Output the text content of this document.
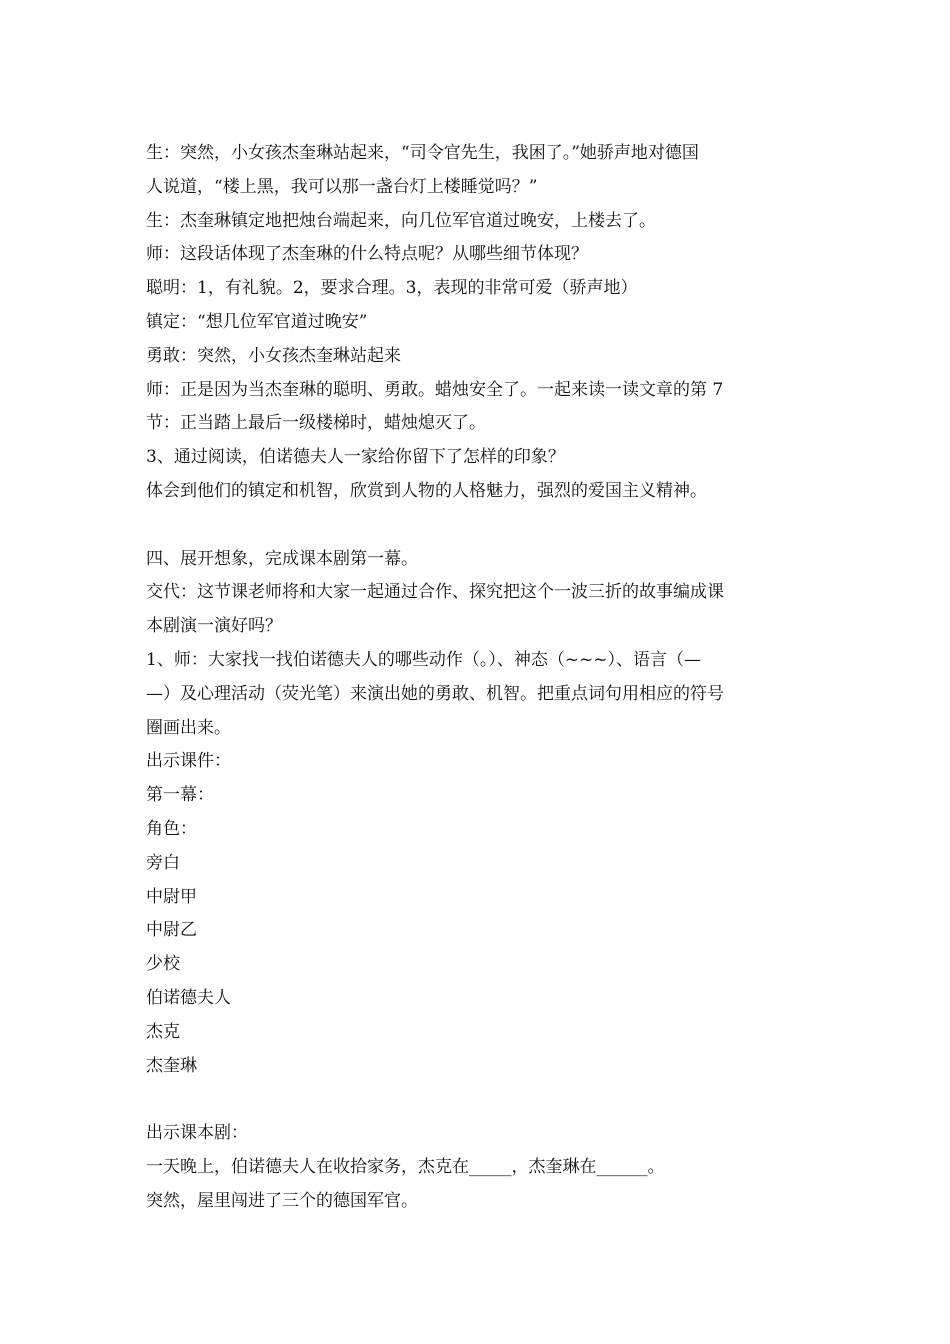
生：突然，小女孩杰奎琳站起来，“司令官先生，我困了。”她骄声地对德国
人说道，“楼上黑，我可以那一盏台灯上楼睡觉吗？”
生：杰奎琳镇定地把烛台端起来，向几位军官道过晚安，上楼去了。
师：这段话体现了杰奎琳的什么特点呢？从哪些细节体现？
聪明：1，有礼貌。2，要求合理。3，表现的非常可爱（骄声地）
镇定：“想几位军官道过晚安”
勇敢：突然，小女孩杰奎琳站起来
师：正是因为当杰奎琳的聪明、勇敢。蜡烛安全了。一起来读一读文章的第 7
节：正当踏上最后一级楼梯时，蜡烛熄灭了。
3、通过阅读，伯诺德夫人一家给你留下了怎样的印象？
体会到他们的镇定和机智，欣赏到人物的人格魅力，强烈的爱国主义精神。
四、展开想象，完成课本剧第一幕。
交代：这节课老师将和大家一起通过合作、探究把这个一波三折的故事编成课
本剧演一演好吗？
1、师：大家找一找伯诺德夫人的哪些动作（。）、神态（~~~）、语言（—
—）及心理活动（荧光笔）来演出她的勇敢、机智。把重点词句用相应的符号
圈画出来。
出示课件：
第一幕：
角色：
旁白
中尉甲
中尉乙
少校
伯诺德夫人
杰克
杰奎琳
出示课本剧：
一天晚上，伯诺德夫人在收拾家务，杰克在_____，杰奎琳在______。
突然，屋里闯进了三个的德国军官。
